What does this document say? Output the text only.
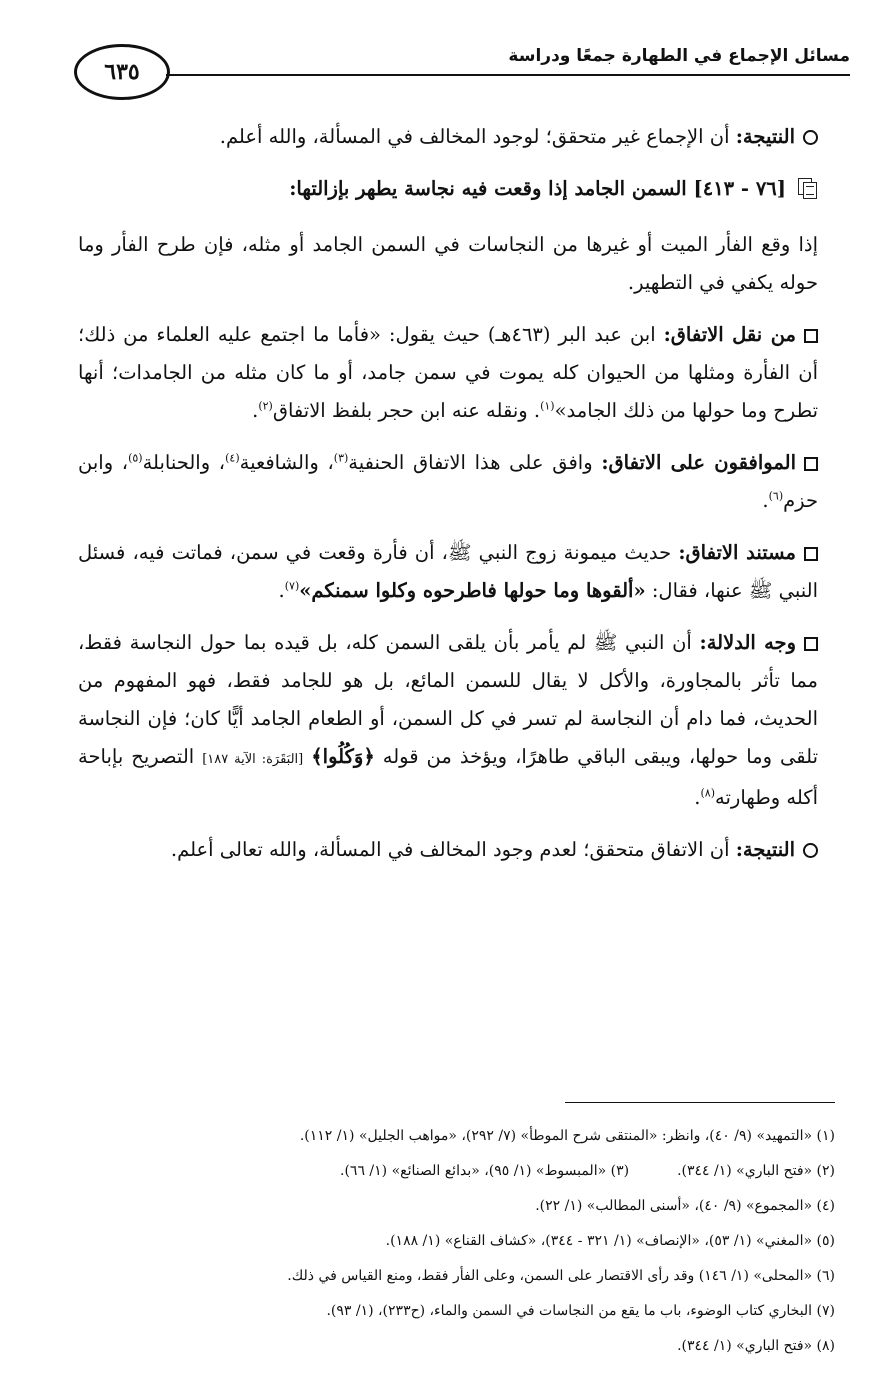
٦٣٥
مسائل الإجماع في الطهارة جمعًا ودراسة

النتيجة: أن الإجماع غير متحقق؛ لوجود المخالف في المسألة، والله أعلم.

[٧٦ - ٤١٣] السمن الجامد إذا وقعت فيه نجاسة يطهر بإزالتها:

إذا وقع الفأر الميت أو غيرها من النجاسات في السمن الجامد أو مثله، فإن طرح الفأر وما حوله يكفي في التطهير.

من نقل الاتفاق: ابن عبد البر (٤٦٣هـ) حيث يقول: «فأما ما اجتمع عليه العلماء من ذلك؛ أن الفأرة ومثلها من الحيوان كله يموت في سمن جامد، أو ما كان مثله من الجامدات؛ أنها تطرح وما حولها من ذلك الجامد»$^{(١)}$. ونقله عنه ابن حجر بلفظ الاتفاق$^{(٢)}$.

الموافقون على الاتفاق: وافق على هذا الاتفاق الحنفية$^{(٣)}$، والشافعية$^{(٤)}$، والحنابلة$^{(٥)}$، وابن حزم$^{(٦)}$.

مستند الاتفاق: حديث ميمونة زوج النبي ﷺ، أن فأرة وقعت في سمن، فماتت فيه، فسئل النبي ﷺ عنها، فقال: «ألقوها وما حولها فاطرحوه وكلوا سمنكم»$^{(٧)}$.

وجه الدلالة: أن النبي ﷺ لم يأمر بأن يلقى السمن كله، بل قيده بما حول النجاسة فقط، مما تأثر بالمجاورة، والأكل لا يقال للسمن المائع، بل هو للجامد فقط، فهو المفهوم من الحديث، فما دام أن النجاسة لم تسر في كل السمن، أو الطعام الجامد أيًّا كان؛ فإن النجاسة تلقى وما حولها، ويبقى الباقي طاهرًا، ويؤخذ من قوله ﴿وَكُلُوا﴾ [البَقَرَة: الآية ١٨٧] التصريح بإباحة أكله وطهارته$^{(٨)}$.

النتيجة: أن الاتفاق متحقق؛ لعدم وجود المخالف في المسألة، والله تعالى أعلم.

(١) «التمهيد» (٩/ ٤٠)، وانظر: «المنتقى شرح الموطأ» (٧/ ٢٩٢)، «مواهب الجليل» (١/ ١١٢).
(٢) «فتح الباري» (١/ ٣٤٤).(٣) «المبسوط» (١/ ٩٥)، «بدائع الصنائع» (١/ ٦٦).
(٤) «المجموع» (٩/ ٤٠)، «أسنى المطالب» (١/ ٢٢).
(٥) «المغني» (١/ ٥٣)، «الإنصاف» (١/ ٣٢١ - ٣٤٤)، «كشاف القناع» (١/ ١٨٨).
(٦) «المحلى» (١/ ١٤٦) وقد رأى الاقتصار على السمن، وعلى الفأر فقط، ومنع القياس في ذلك.
(٧) البخاري كتاب الوضوء، باب ما يقع من النجاسات في السمن والماء، (ح٢٣٣)، (١/ ٩٣).
(٨) «فتح الباري» (١/ ٣٤٤).
